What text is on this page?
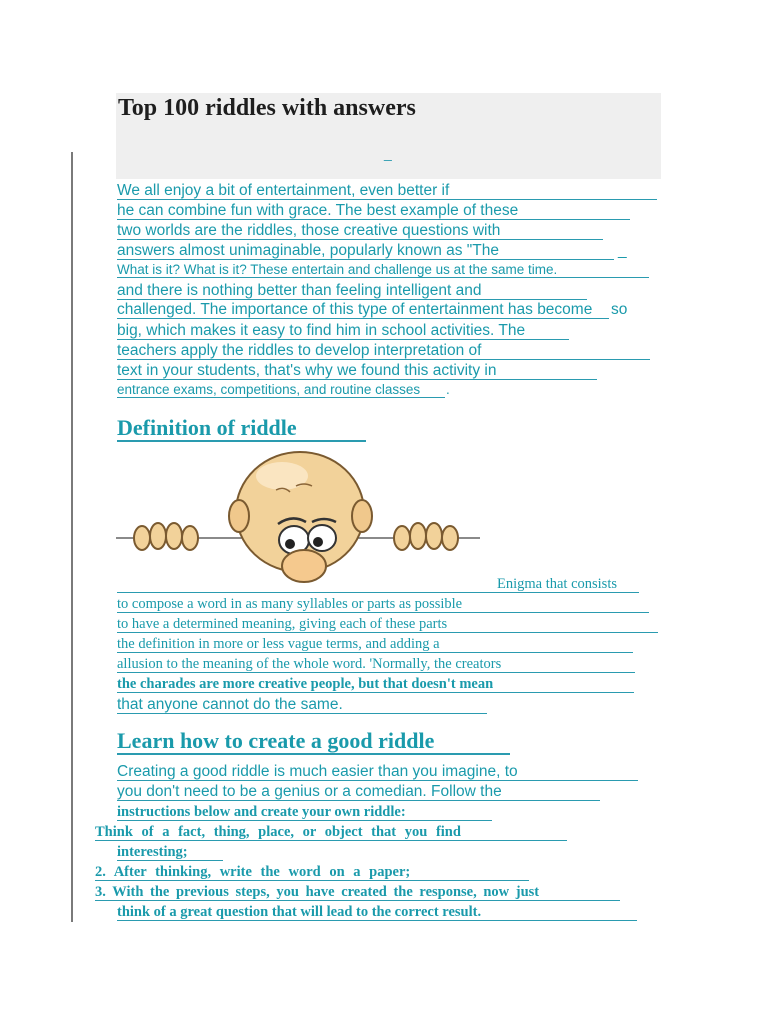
Top 100 riddles with answers
_
We all enjoy a bit of entertainment, even better if
he can combine fun with grace. The best example of these
two worlds are the riddles, those creative questions with
answers almost unimaginable, popularly known as "The	_
What is it? What is it? These entertain and challenge us at the same time.
and there is nothing better than feeling intelligent and
challenged. The importance of this type of entertainment has become	so
big, which makes it easy to find him in school activities. The
teachers apply the riddles to develop interpretation of
text in your students, that's why we found this activity in
entrance exams, competitions, and routine classes	.
Definition of riddle
Enigma that consists
to compose a word in as many syllables or parts as possible
to have a determined meaning, giving each of these parts
the definition in more or less vague terms, and adding a
allusion to the meaning of the whole word. 'Normally, the creators
the charades are more creative people, but that doesn't mean
that anyone cannot do the same.
Learn how to create a good riddle
Creating a good riddle is much easier than you imagine, to
you don't need to be a genius or a comedian. Follow the
instructions below and create your own riddle:
Think of a fact, thing, place, or object that you find
interesting;
2. After thinking, write the word on a paper;
3. With the previous steps, you have created the response, now just
think of a great question that will lead to the correct result.
